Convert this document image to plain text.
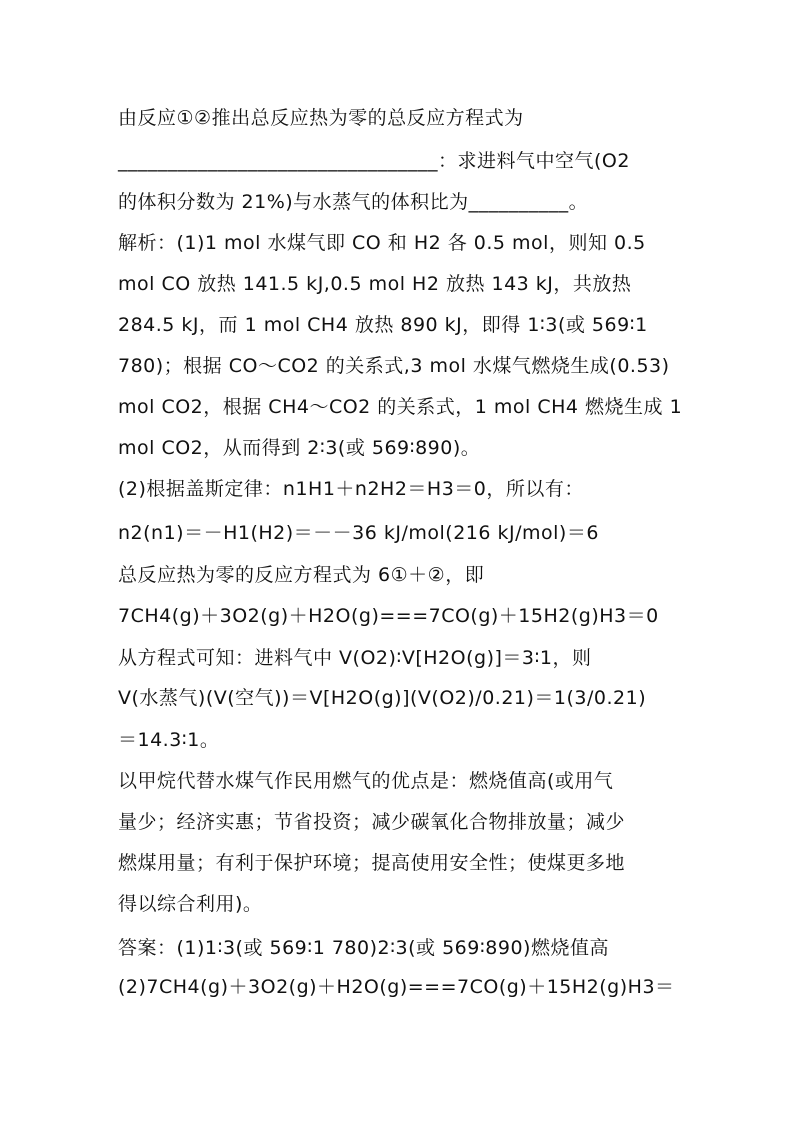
由反应①②推出总反应热为零的总反应方程式为
________________________________：求进料气中空气(O2
的体积分数为 21%)与水蒸气的体积比为__________。
解析：(1)1 mol 水煤气即 CO 和 H2 各 0.5 mol，则知 0.5
mol CO 放热 141.5 kJ,0.5 mol H2 放热 143 kJ，共放热
284.5 kJ，而 1 mol CH4 放热 890 kJ，即得 1∶3(或 569∶1
780)；根据 CO～CO2 的关系式,3 mol 水煤气燃烧生成(0.53)
mol CO2，根据 CH4～CO2 的关系式，1 mol CH4 燃烧生成 1
mol CO2，从而得到 2∶3(或 569∶890)。
(2)根据盖斯定律：n1H1＋n2H2＝H3＝0，所以有：
n2(n1)＝－H1(H2)＝－－36 kJ/mol(216 kJ/mol)＝6
总反应热为零的反应方程式为 6①＋②，即
7CH4(g)＋3O2(g)＋H2O(g)===7CO(g)＋15H2(g)H3＝0
从方程式可知：进料气中 V(O2)∶V[H2O(g)]＝3∶1，则
V(水蒸气)(V(空气))＝V[H2O(g)](V(O2)/0.21)＝1(3/0.21)
＝14.3∶1。
以甲烷代替水煤气作民用燃气的优点是：燃烧值高(或用气
量少；经济实惠；节省投资；减少碳氧化合物排放量；减少
燃煤用量；有利于保护环境；提高使用安全性；使煤更多地
得以综合利用)。
答案：(1)1∶3(或 569∶1 780)2∶3(或 569∶890)燃烧值高
(2)7CH4(g)＋3O2(g)＋H2O(g)===7CO(g)＋15H2(g)H3＝
